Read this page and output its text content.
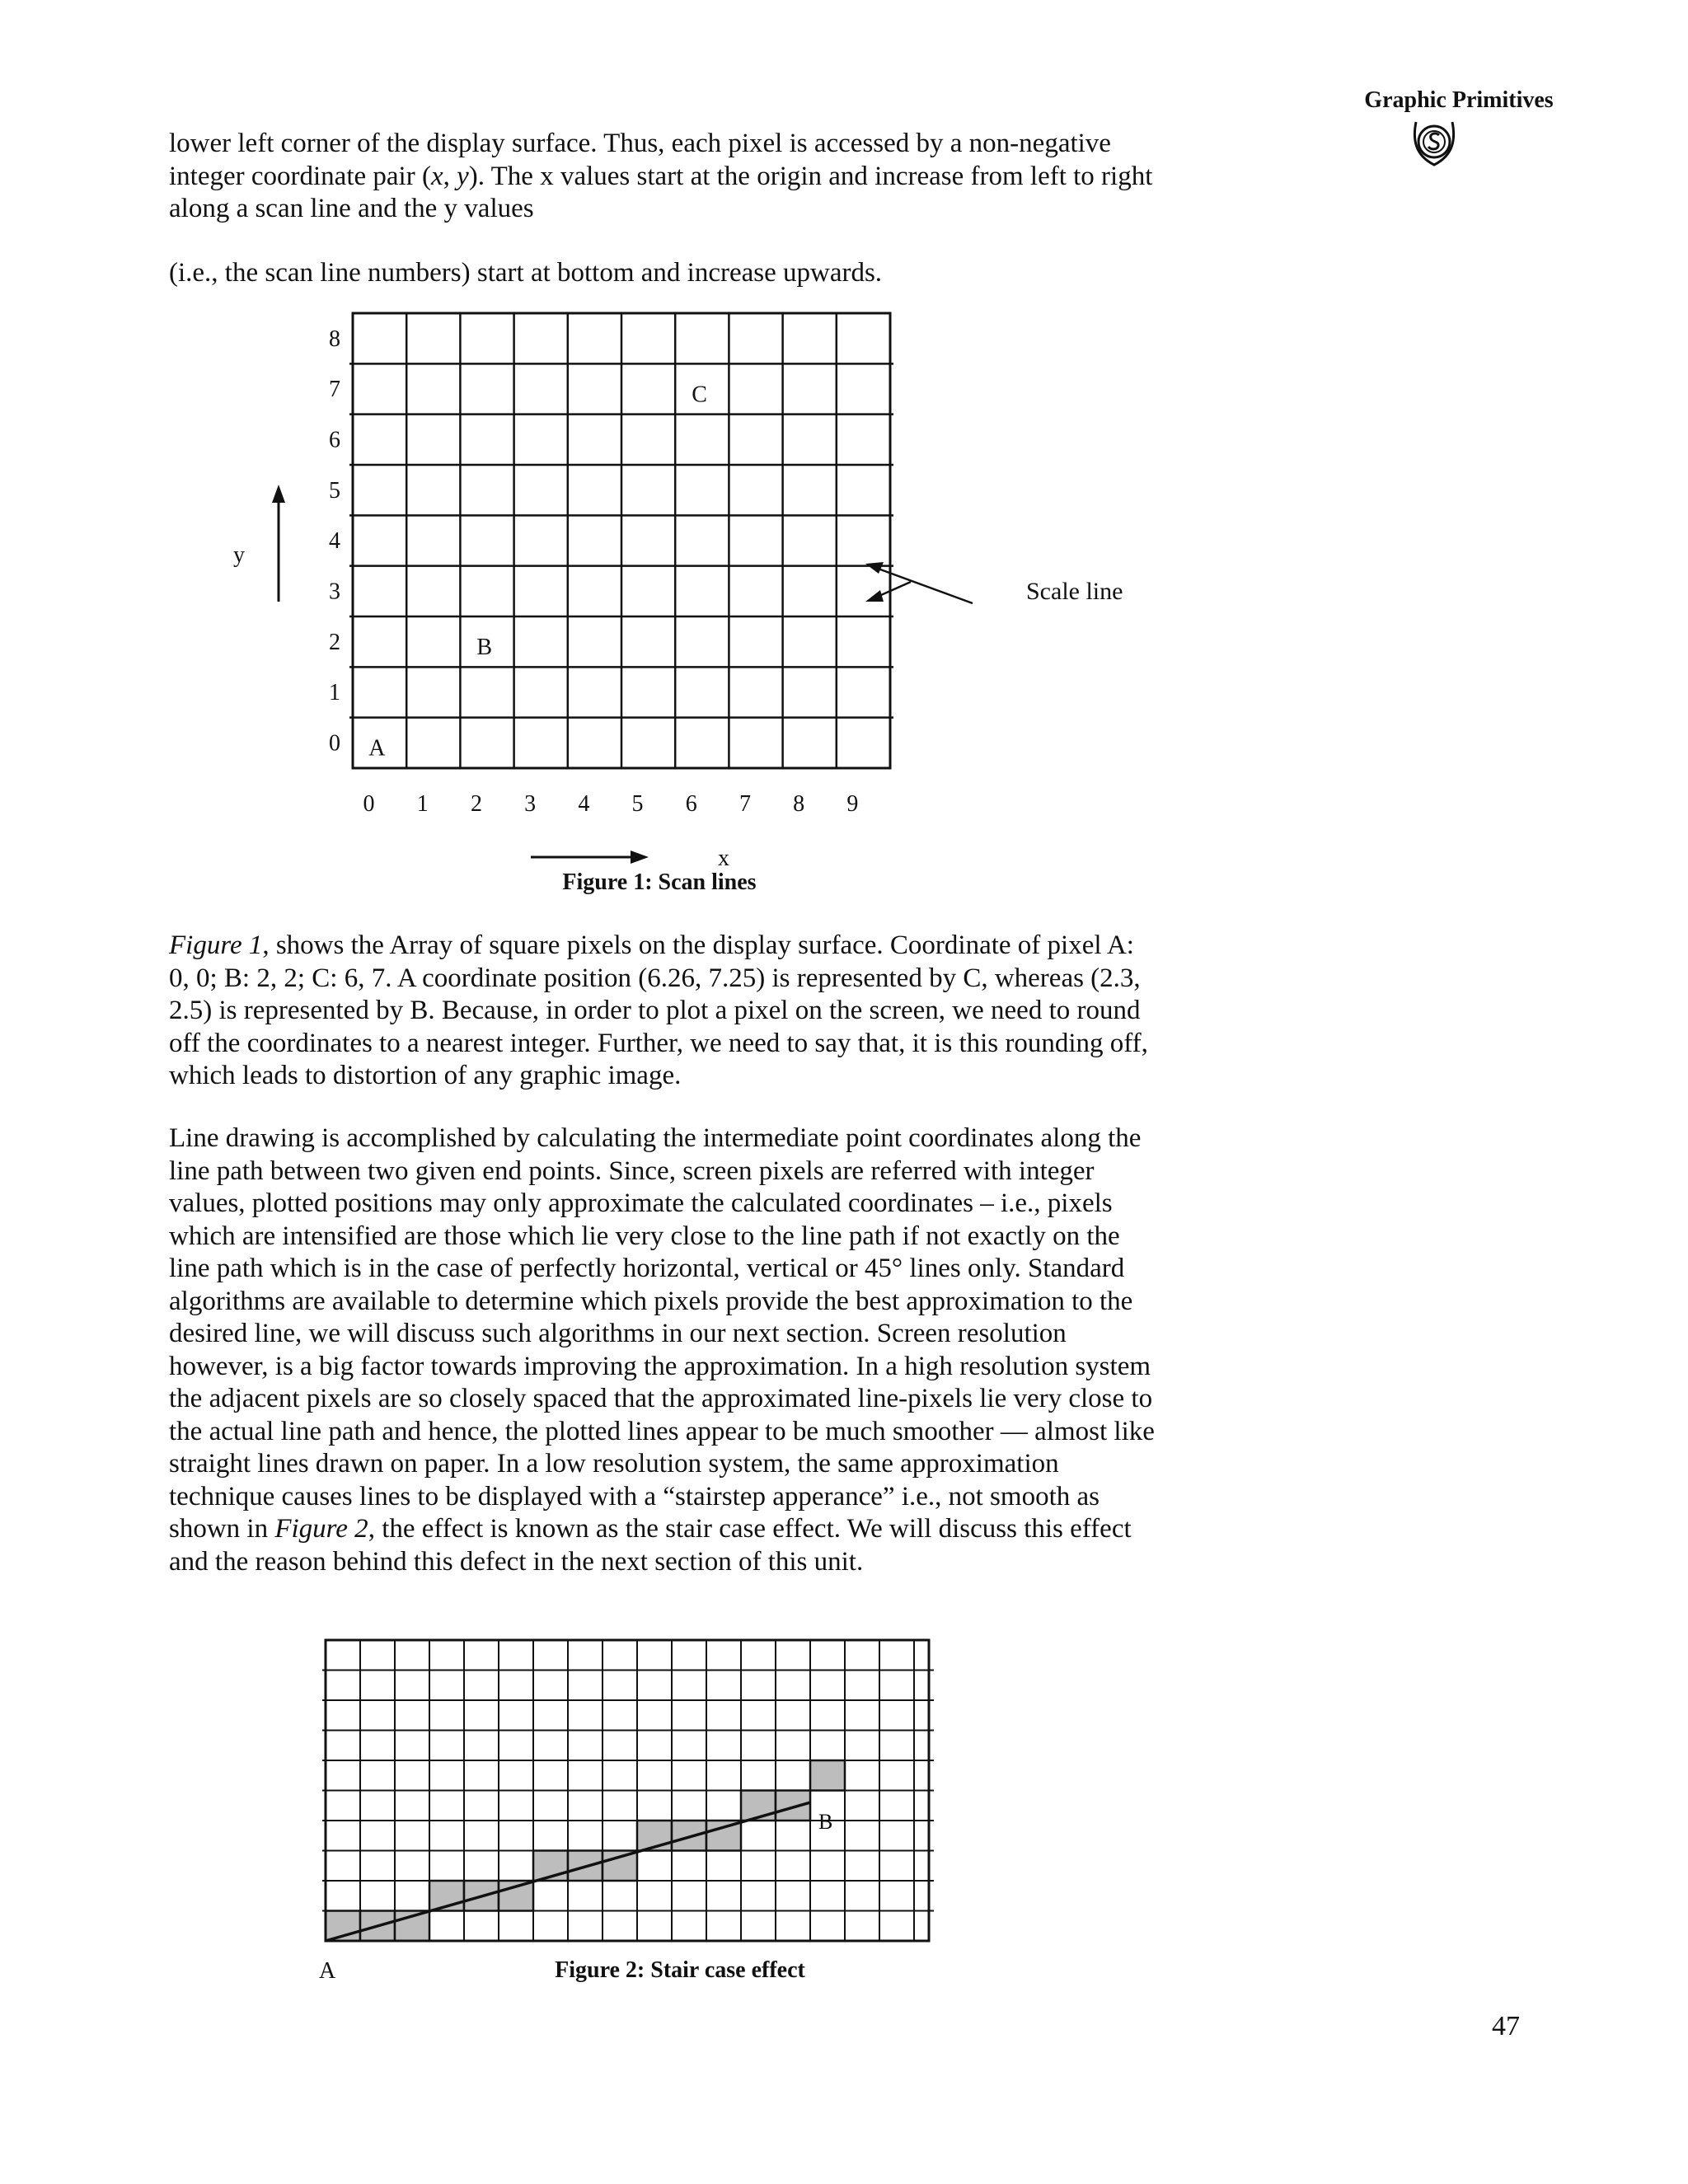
Graphic Primitives

lower left corner of the display surface. Thus, each pixel is accessed by a non-negative integer coordinate pair (x, y). The x values start at the origin and increase from left to right along a scan line and the y values

(i.e., the scan line numbers) start at bottom and increase upwards.

0
1
2
3
4
5
6
7
8
0 1 2 3 4 5 6 7 8 9
A
B
C
y
x
Scale line
Figure 1: Scan lines

Figure 1, shows the Array of square pixels on the display surface. Coordinate of pixel A: 0, 0; B: 2, 2; C: 6, 7. A coordinate position (6.26, 7.25) is represented by C, whereas (2.3, 2.5) is represented by B. Because, in order to plot a pixel on the screen, we need to round off the coordinates to a nearest integer. Further, we need to say that, it is this rounding off, which leads to distortion of any graphic image.

Line drawing is accomplished by calculating the intermediate point coordinates along the line path between two given end points. Since, screen pixels are referred with integer values, plotted positions may only approximate the calculated coordinates – i.e., pixels which are intensified are those which lie very close to the line path if not exactly on the line path which is in the case of perfectly horizontal, vertical or 45° lines only. Standard algorithms are available to determine which pixels provide the best approximation to the desired line, we will discuss such algorithms in our next section. Screen resolution however, is a big factor towards improving the approximation. In a high resolution system the adjacent pixels are so closely spaced that the approximated line-pixels lie very close to the actual line path and hence, the plotted lines appear to be much smoother — almost like straight lines drawn on paper. In a low resolution system, the same approximation technique causes lines to be displayed with a “stairstep apperance” i.e., not smooth as shown in Figure 2, the effect is known as the stair case effect. We will discuss this effect and the reason behind this defect in the next section of this unit.

A
B
Figure 2: Stair case effect
47
